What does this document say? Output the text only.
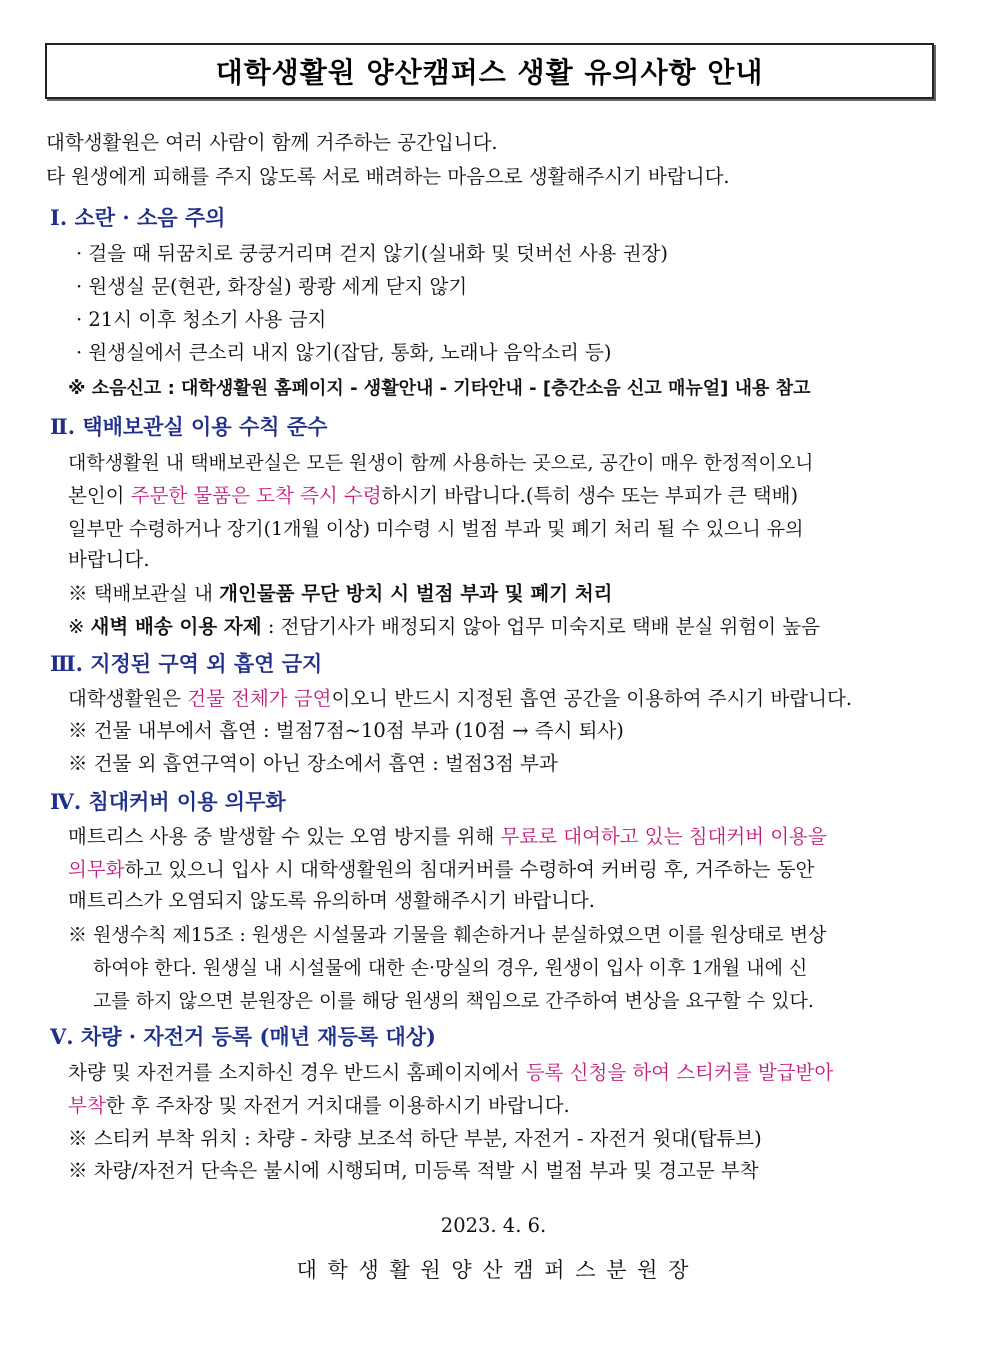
대학생활원 양산캠퍼스 생활 유의사항 안내
대학생활원은 여러 사람이 함께 거주하는 공간입니다.
타 원생에게 피해를 주지 않도록 서로 배려하는 마음으로 생활해주시기 바랍니다.
Ⅰ. 소란 · 소음 주의
· 걸을 때 뒤꿈치로 쿵쿵거리며 걷지 않기(실내화 및 덧버선 사용 권장)
· 원생실 문(현관, 화장실) 쾅쾅 세게 닫지 않기
· 21시 이후 청소기 사용 금지
· 원생실에서 큰소리 내지 않기(잡담, 통화, 노래나 음악소리 등)
※ 소음신고 : 대학생활원 홈페이지 - 생활안내 - 기타안내 - [층간소음 신고 매뉴얼] 내용 참고
Ⅱ. 택배보관실 이용 수칙 준수
대학생활원 내 택배보관실은 모든 원생이 함께 사용하는 곳으로, 공간이 매우 한정적이오니
본인이 주문한 물품은 도착 즉시 수령하시기 바랍니다.(특히 생수 또는 부피가 큰 택배)
일부만 수령하거나 장기(1개월 이상) 미수령 시 벌점 부과 및 폐기 처리 될 수 있으니 유의
바랍니다.
※ 택배보관실 내 개인물품 무단 방치 시 벌점 부과 및 폐기 처리
※ 새벽 배송 이용 자제 : 전담기사가 배정되지 않아 업무 미숙지로 택배 분실 위험이 높음
Ⅲ. 지정된 구역 외 흡연 금지
대학생활원은 건물 전체가 금연이오니 반드시 지정된 흡연 공간을 이용하여 주시기 바랍니다.
※ 건물 내부에서 흡연 : 벌점7점~10점 부과 (10점 → 즉시 퇴사)
※ 건물 외 흡연구역이 아닌 장소에서 흡연 : 벌점3점 부과
Ⅳ. 침대커버 이용 의무화
매트리스 사용 중 발생할 수 있는 오염 방지를 위해 무료로 대여하고 있는 침대커버 이용을
의무화하고 있으니 입사 시 대학생활원의 침대커버를 수령하여 커버링 후, 거주하는 동안
매트리스가 오염되지 않도록 유의하며 생활해주시기 바랍니다.
※ 원생수칙 제15조 : 원생은 시설물과 기물을 훼손하거나 분실하였으면 이를 원상태로 변상
하여야 한다. 원생실 내 시설물에 대한 손·망실의 경우, 원생이 입사 이후 1개월 내에 신
고를 하지 않으면 분원장은 이를 해당 원생의 책임으로 간주하여 변상을 요구할 수 있다.
Ⅴ. 차량 · 자전거 등록 (매년 재등록 대상)
차량 및 자전거를 소지하신 경우 반드시 홈페이지에서 등록 신청을 하여 스티커를 발급받아
부착한 후 주차장 및 자전거 거치대를 이용하시기 바랍니다.
※ 스티커 부착 위치 : 차량 - 차량 보조석 하단 부분, 자전거 - 자전거 윗대(탑튜브)
※ 차량/자전거 단속은 불시에 시행되며, 미등록 적발 시 벌점 부과 및 경고문 부착
2023. 4. 6.
대 학 생 활 원 양 산 캠 퍼 스 분 원 장
